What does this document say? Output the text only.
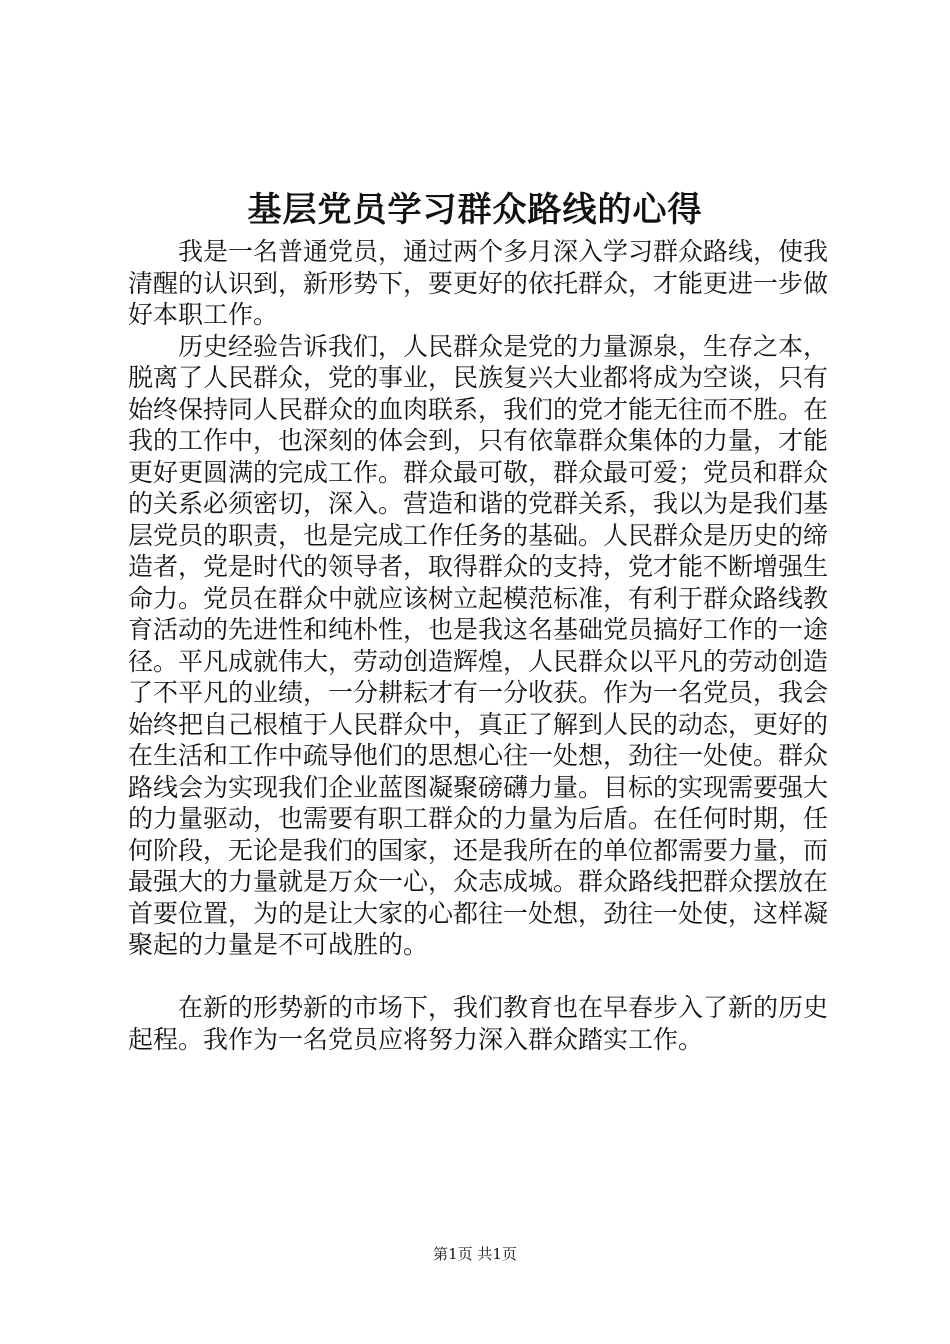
基层党员学习群众路线的心得

我是一名普通党员，通过两个多月深入学习群众路线，使我清醒的认识到，新形势下，要更好的依托群众，才能更进一步做好本职工作。

历史经验告诉我们，人民群众是党的力量源泉，生存之本，脱离了人民群众，党的事业，民族复兴大业都将成为空谈，只有始终保持同人民群众的血肉联系，我们的党才能无往而不胜。在我的工作中，也深刻的体会到，只有依靠群众集体的力量，才能更好更圆满的完成工作。群众最可敬，群众最可爱；党员和群众的关系必须密切，深入。营造和谐的党群关系，我以为是我们基层党员的职责，也是完成工作任务的基础。人民群众是历史的缔造者，党是时代的领导者，取得群众的支持，党才能不断增强生命力。党员在群众中就应该树立起模范标准，有利于群众路线教育活动的先进性和纯朴性，也是我这名基础党员搞好工作的一途径。平凡成就伟大，劳动创造辉煌，人民群众以平凡的劳动创造了不平凡的业绩，一分耕耘才有一分收获。作为一名党员，我会始终把自己根植于人民群众中，真正了解到人民的动态，更好的在生活和工作中疏导他们的思想心往一处想，劲往一处使。群众路线会为实现我们企业蓝图凝聚磅礴力量。目标的实现需要强大的力量驱动，也需要有职工群众的力量为后盾。在任何时期，任何阶段，无论是我们的国家，还是我所在的单位都需要力量，而最强大的力量就是万众一心，众志成城。群众路线把群众摆放在首要位置，为的是让大家的心都往一处想，劲往一处使，这样凝聚起的力量是不可战胜的。

在新的形势新的市场下，我们教育也在早春步入了新的历史起程。我作为一名党员应将努力深入群众踏实工作。

第1页 共1页
